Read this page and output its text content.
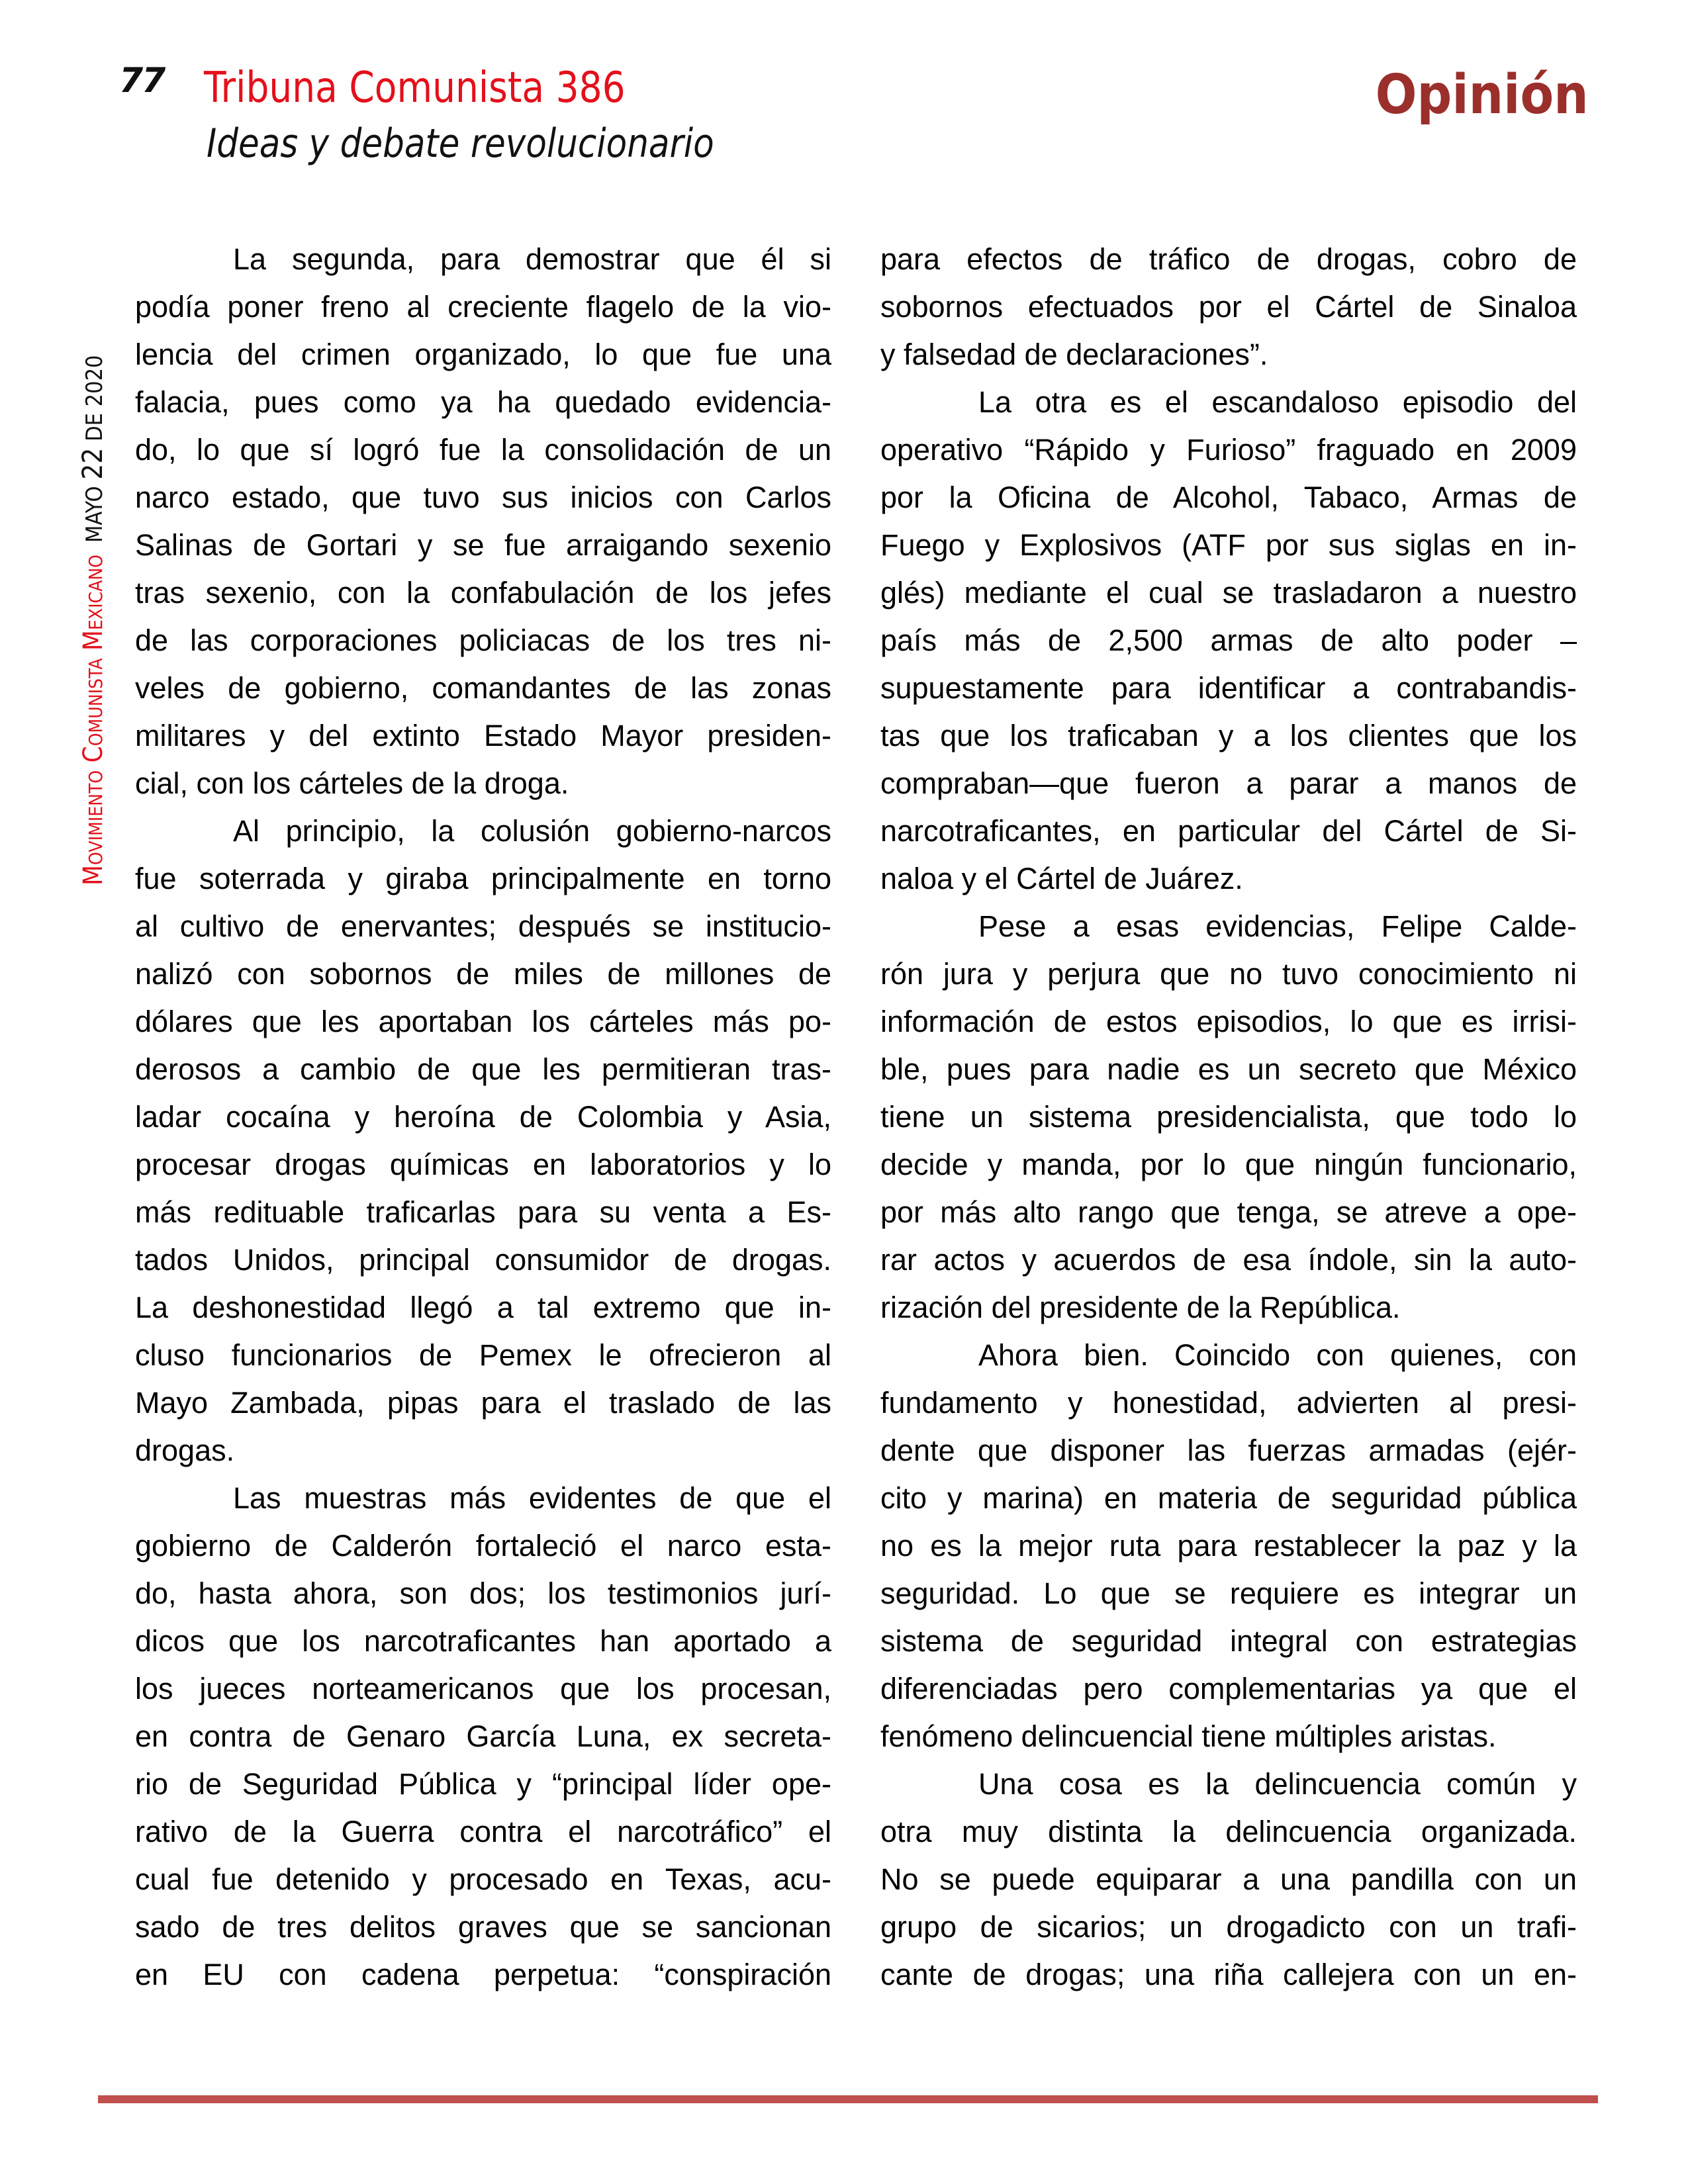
77 Tribuna Comunista 386
Ideas y debate revolucionario
Opinión
Movimiento Comunista MexicanoMAYO 22 DE 2020
La segunda, para demostrar que él si
podía poner freno al creciente flagelo de la vio-
lencia del crimen organizado, lo que fue una
falacia, pues como ya ha quedado evidencia-
do, lo que sí logró fue la consolidación de un
narco estado, que tuvo sus inicios con Carlos
Salinas de Gortari y se fue arraigando sexenio
tras sexenio, con la confabulación de los jefes
de las corporaciones policiacas de los tres ni-
veles de gobierno, comandantes de las zonas
militares y del extinto Estado Mayor presiden-
cial, con los cárteles de la droga.
Al principio, la colusión gobierno-narcos
fue soterrada y giraba principalmente en torno
al cultivo de enervantes; después se institucio-
nalizó con sobornos de miles de millones de
dólares que les aportaban los cárteles más po-
derosos a cambio de que les permitieran tras-
ladar cocaína y heroína de Colombia y Asia,
procesar drogas químicas en laboratorios y lo
más redituable traficarlas para su venta a Es-
tados Unidos, principal consumidor de drogas.
La deshonestidad llegó a tal extremo que in-
cluso funcionarios de Pemex le ofrecieron al
Mayo Zambada, pipas para el traslado de las
drogas.
Las muestras más evidentes de que el
gobierno de Calderón fortaleció el narco esta-
do, hasta ahora, son dos; los testimonios jurí-
dicos que los narcotraficantes han aportado a
los jueces norteamericanos que los procesan,
en contra de Genaro García Luna, ex secreta-
rio de Seguridad Pública y “principal líder ope-
rativo de la Guerra contra el narcotráfico” el
cual fue detenido y procesado en Texas, acu-
sado de tres delitos graves que se sancionan
en EU con cadena perpetua: “conspiración
para efectos de tráfico de drogas, cobro de
sobornos efectuados por el Cártel de Sinaloa
y falsedad de declaraciones”.
La otra es el escandaloso episodio del
operativo “Rápido y Furioso” fraguado en 2009
por la Oficina de Alcohol, Tabaco, Armas de
Fuego y Explosivos (ATF por sus siglas en in-
glés) mediante el cual se trasladaron a nuestro
país más de 2,500 armas de alto poder –
supuestamente para identificar a contrabandis-
tas que los traficaban y a los clientes que los
compraban—que fueron a parar a manos de
narcotraficantes, en particular del Cártel de Si-
naloa y el Cártel de Juárez.
Pese a esas evidencias, Felipe Calde-
rón jura y perjura que no tuvo conocimiento ni
información de estos episodios, lo que es irrisi-
ble, pues para nadie es un secreto que México
tiene un sistema presidencialista, que todo lo
decide y manda, por lo que ningún funcionario,
por más alto rango que tenga, se atreve a ope-
rar actos y acuerdos de esa índole, sin la auto-
rización del presidente de la República.
Ahora bien. Coincido con quienes, con
fundamento y honestidad, advierten al presi-
dente que disponer las fuerzas armadas (ejér-
cito y marina) en materia de seguridad pública
no es la mejor ruta para restablecer la paz y la
seguridad. Lo que se requiere es integrar un
sistema de seguridad integral con estrategias
diferenciadas pero complementarias ya que el
fenómeno delincuencial tiene múltiples aristas.
Una cosa es la delincuencia común y
otra muy distinta la delincuencia organizada.
No se puede equiparar a una pandilla con un
grupo de sicarios; un drogadicto con un trafi-
cante de drogas; una riña callejera con un en-
